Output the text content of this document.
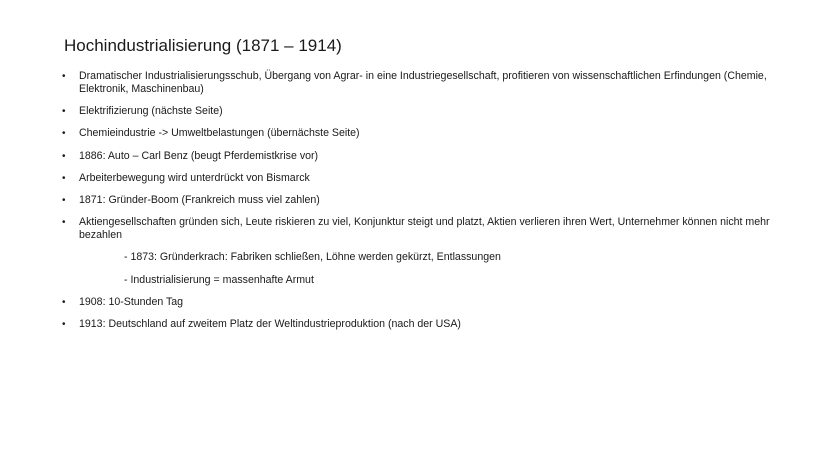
Hochindustrialisierung (1871 – 1914)
• Dramatischer Industrialisierungsschub, Übergang von Agrar- in eine Industriegesellschaft, profitieren von wissenschaftlichen Erfindungen (Chemie, Elektronik, Maschinenbau)
• Elektrifizierung (nächste Seite)
• Chemieindustrie -> Umweltbelastungen (übernächste Seite)
• 1886: Auto – Carl Benz (beugt Pferdemistkrise vor)
• Arbeiterbewegung wird unterdrückt von Bismarck
• 1871: Gründer-Boom (Frankreich muss viel zahlen)
• Aktiengesellschaften gründen sich, Leute riskieren zu viel, Konjunktur steigt und platzt, Aktien verlieren ihren Wert, Unternehmer können nicht mehr bezahlen
- 1873: Gründerkrach: Fabriken schließen, Löhne werden gekürzt, Entlassungen
- Industrialisierung = massenhafte Armut
• 1908: 10-Stunden Tag
• 1913: Deutschland auf zweitem Platz der Weltindustrieproduktion (nach der USA)
